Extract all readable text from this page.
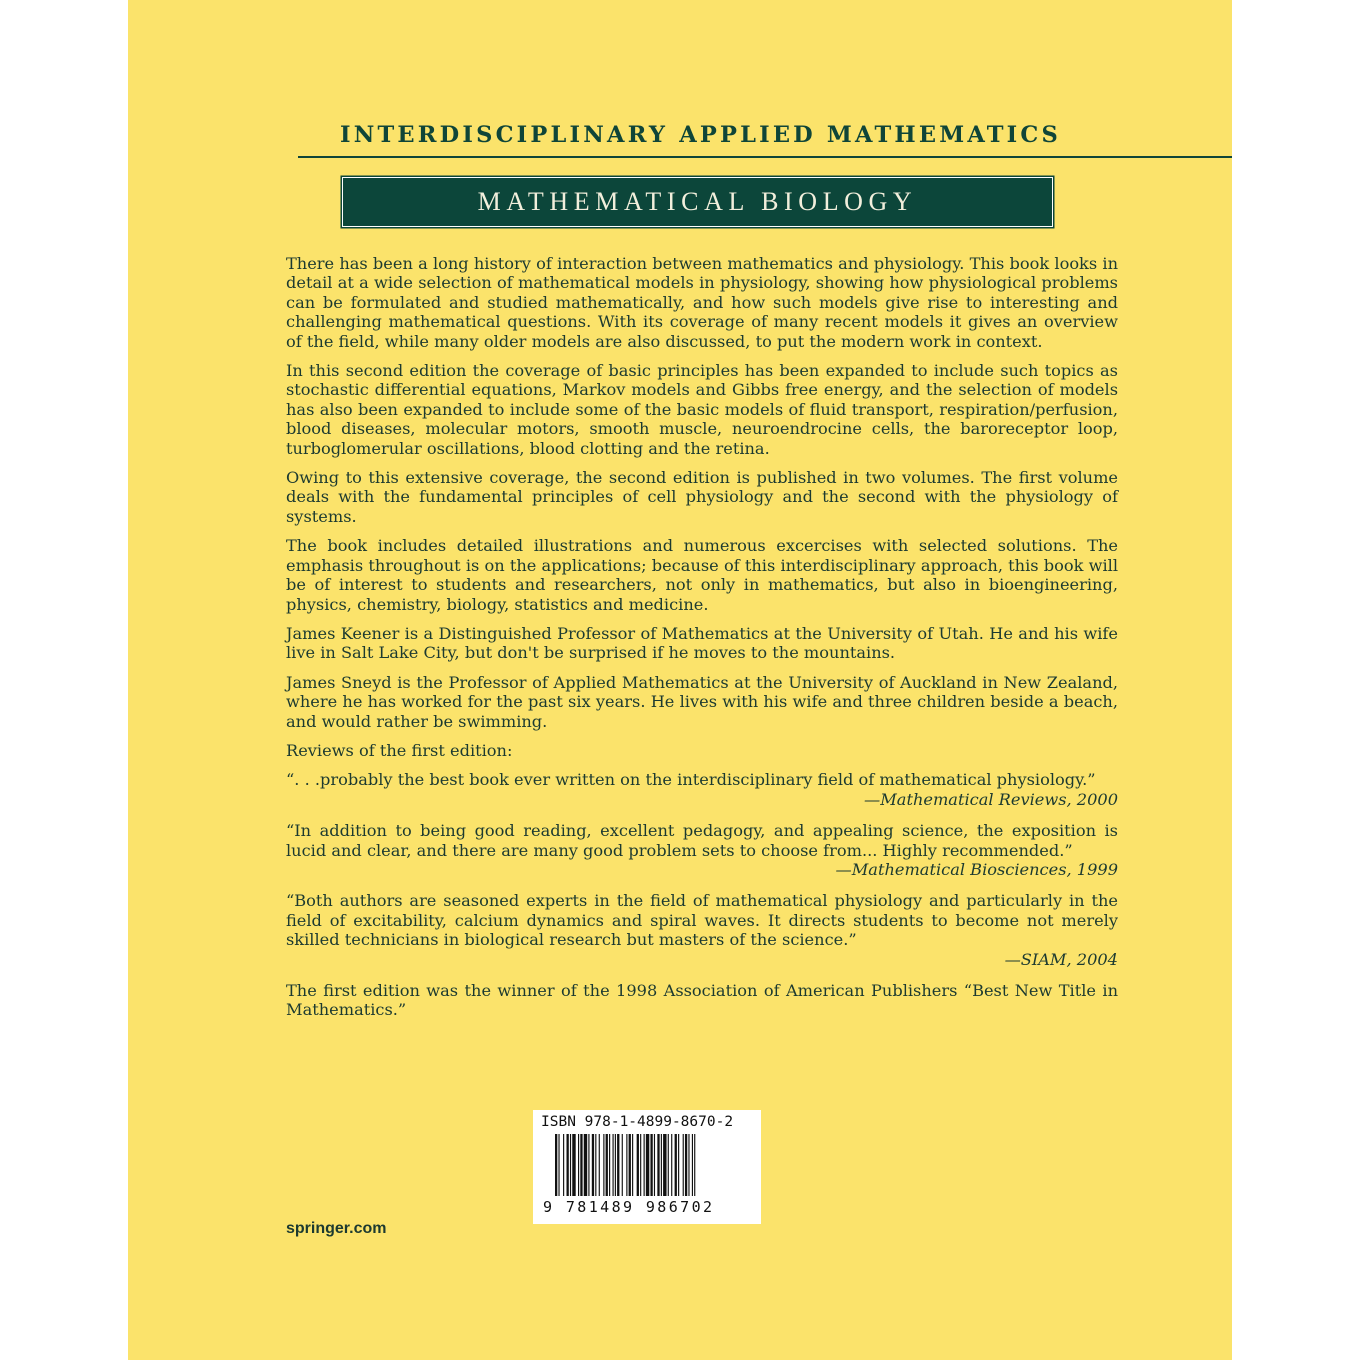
INTERDISCIPLINARY APPLIED MATHEMATICS
MATHEMATICAL BIOLOGY

There has been a long history of interaction between mathematics and physiology. This book looks in detail at a wide selection of mathematical models in physiology, showing how physiological problems can be formulated and studied mathematically, and how such models give rise to interesting and challenging mathematical questions. With its coverage of many recent models it gives an overview of the field, while many older models are also discussed, to put the modern work in context.

In this second edition the coverage of basic principles has been expanded to include such topics as stochastic differential equations, Markov models and Gibbs free energy, and the selection of models has also been expanded to include some of the basic models of fluid transport, respiration/perfusion, blood diseases, molecular motors, smooth muscle, neuroendrocine cells, the baroreceptor loop, turboglomerular oscillations, blood clotting and the retina.

Owing to this extensive coverage, the second edition is published in two volumes. The first volume deals with the fundamental principles of cell physiology and the second with the physiology of systems.

The book includes detailed illustrations and numerous excercises with selected solutions. The emphasis throughout is on the applications; because of this interdisciplinary approach, this book will be of interest to students and researchers, not only in mathematics, but also in bioengineering, physics, chemistry, biology, statistics and medicine.

James Keener is a Distinguished Professor of Mathematics at the University of Utah. He and his wife live in Salt Lake City, but don't be surprised if he moves to the mountains.

James Sneyd is the Professor of Applied Mathematics at the University of Auckland in New Zealand, where he has worked for the past six years. He lives with his wife and three children beside a beach, and would rather be swimming.

Reviews of the first edition:

“. . .probably the best book ever written on the interdisciplinary field of mathematical physiology.”
—Mathematical Reviews, 2000
“In addition to being good reading, excellent pedagogy, and appealing science, the exposition is lucid and clear, and there are many good problem sets to choose from... Highly recommended.”
—Mathematical Biosciences, 1999
“Both authors are seasoned experts in the field of mathematical physiology and particularly in the field of excitability, calcium dynamics and spiral waves. It directs students to become not merely skilled technicians in biological research but masters of the science.”
—SIAM, 2004

The first edition was the winner of the 1998 Association of American Publishers “Best New Title in Mathematics.”

ISBN 978-1-4899-8670-2
9 781489 986702
springer.com
